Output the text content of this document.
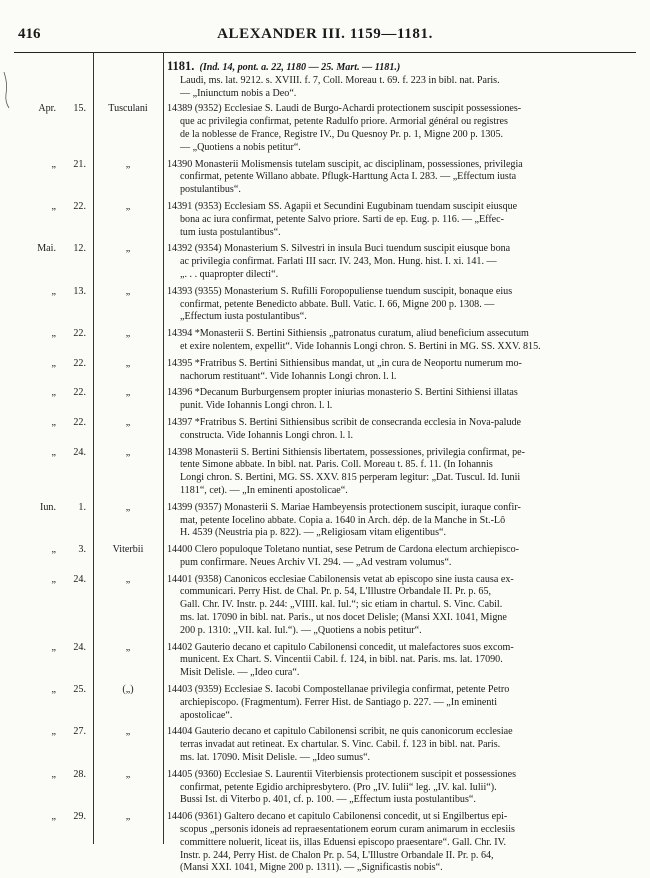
416	ALEXANDER III. 1159—1181.

1181. (Ind. 14, pont. a. 22, 1180 — 25. Mart. — 1181.)

Laudi, ms. lat. 9212. s. XVIII. f. 7, Coll. Moreau t. 69. f. 223 in bibl. nat. Paris.

— „Iniunctum nobis a Deo“.

Apr.	15.	Tusculani	14389 (9352) Ecclesiae S. Laudi de Burgo-Achardi protectionem suscipit possessiones-

que ac privilegia confirmat, petente Radulfo priore. Armorial général ou registres

de la noblesse de France, Registre IV., Du Quesnoy Pr. p. 1, Migne 200 p. 1305.

— „Quotiens a nobis petitur“.

„	21.	„	14390 Monasterii Molismensis tutelam suscipit, ac disciplinam, possessiones, privilegia

confirmat, petente Willano abbate. Pflugk-Harttung Acta I. 283. — „Effectum iusta

postulantibus“.

„	22.	„	14391 (9353) Ecclesiam SS. Agapii et Secundini Eugubinam tuendam suscipit eiusque

bona ac iura confirmat, petente Salvo priore. Sarti de ep. Eug. p. 116. — „Effec-

tum iusta postulantibus“.

Mai.	12.	„	14392 (9354) Monasterium S. Silvestri in insula Buci tuendum suscipit eiusque bona

ac privilegia confirmat. Farlati III sacr. IV. 243, Mon. Hung. hist. I. xi. 141. —

„. . . quapropter dilecti“.

„	13.	„	14393 (9355) Monasterium S. Rufilli Foropopuliense tuendum suscipit, bonaque eius

confirmat, petente Benedicto abbate. Bull. Vatic. I. 66, Migne 200 p. 1308. —

„Effectum iusta postulantibus“.

„	22.	„	14394 *Monasterii S. Bertini Sithiensis „patronatus curatum, aliud beneficium assecutum

et exire nolentem, expellit“. Vide Iohannis Longi chron. S. Bertini in MG. SS. XXV. 815.

„	22.	„	14395 *Fratribus S. Bertini Sithiensibus mandat, ut „in cura de Neoportu numerum mo-

nachorum restituant“. Vide Iohannis Longi chron. l. l.

„	22.	„	14396 *Decanum Burburgensem propter iniurias monasterio S. Bertini Sithiensi illatas

punit. Vide Iohannis Longi chron. l. l.

„	22.	„	14397 *Fratribus S. Bertini Sithiensibus scribit de consecranda ecclesia in Nova-palude

constructa. Vide Iohannis Longi chron. l. l.

„	24.	„	14398 Monasterii S. Bertini Sithiensis libertatem, possessiones, privilegia confirmat, pe-

tente Simone abbate. In bibl. nat. Paris. Coll. Moreau t. 85. f. 11. (In Iohannis

Longi chron. S. Bertini, MG. SS. XXV. 815 perperam legitur: „Dat. Tuscul. Id. Iunii

1181“, cet). — „In eminenti apostolicae“.

Iun.	1.	„	14399 (9357) Monasterii S. Mariae Hambeyensis protectionem suscipit, iuraque confir-

mat, petente Iocelino abbate. Copia a. 1640 in Arch. dép. de la Manche in St.-Lô

H. 4539 (Neustria pia p. 822). — „Religiosam vitam eligentibus“.

„	3.	Viterbii	14400 Clero populoque Toletano nuntiat, sese Petrum de Cardona electum archiepisco-

pum confirmare. Neues Archiv VI. 294. — „Ad vestram volumus“.

„	24.	„	14401 (9358) Canonicos ecclesiae Cabilonensis vetat ab episcopo sine iusta causa ex-

communicari. Perry Hist. de Chal. Pr. p. 54, L'Illustre Orbandale II. Pr. p. 65,

Gall. Chr. IV. Instr. p. 244: „VIIII. kal. Iul.“; sic etiam in chartul. S. Vinc. Cabil.

ms. lat. 17090 in bibl. nat. Paris., ut nos docet Delisle; (Mansi XXI. 1041, Migne

200 p. 1310: „VII. kal. Iul.“). — „Quotiens a nobis petitur“.

„	24.	„	14402 Gauterio decano et capitulo Cabilonensi concedit, ut malefactores suos excom-

municent. Ex Chart. S. Vincentii Cabil. f. 124, in bibl. nat. Paris. ms. lat. 17090.

Misit Delisle. — „Ideo cura“.

„	25.	(„)	14403 (9359) Ecclesiae S. Iacobi Compostellanae privilegia confirmat, petente Petro

archiepiscopo. (Fragmentum). Ferrer Hist. de Santiago p. 227. — „In eminenti

apostolicae“.

„	27.	„	14404 Gauterio decano et capitulo Cabilonensi scribit, ne quis canonicorum ecclesiae

terras invadat aut retineat. Ex chartular. S. Vinc. Cabil. f. 123 in bibl. nat. Paris.

ms. lat. 17090. Misit Delisle. — „Ideo sumus“.

„	28.	„	14405 (9360) Ecclesiae S. Laurentii Viterbiensis protectionem suscipit et possessiones

confirmat, petente Egidio archipresbytero. (Pro „IV. Iulii“ leg. „IV. kal. Iulii“).

Bussi Ist. di Viterbo p. 401, cf. p. 100. — „Effectum iusta postulantibus“.

„	29.	„	14406 (9361) Galtero decano et capitulo Cabilonensi concedit, ut si Engilbertus epi-

scopus „personis idoneis ad repraesentationem eorum curam animarum in ecclesiis

committere noluerit, liceat iis, illas Eduensi episcopo praesentare“. Gall. Chr. IV.

Instr. p. 244, Perry Hist. de Chalon Pr. p. 54, L'Illustre Orbandale II. Pr. p. 64,

(Mansi XXI. 1041, Migne 200 p. 1311). — „Significastis nobis“.
